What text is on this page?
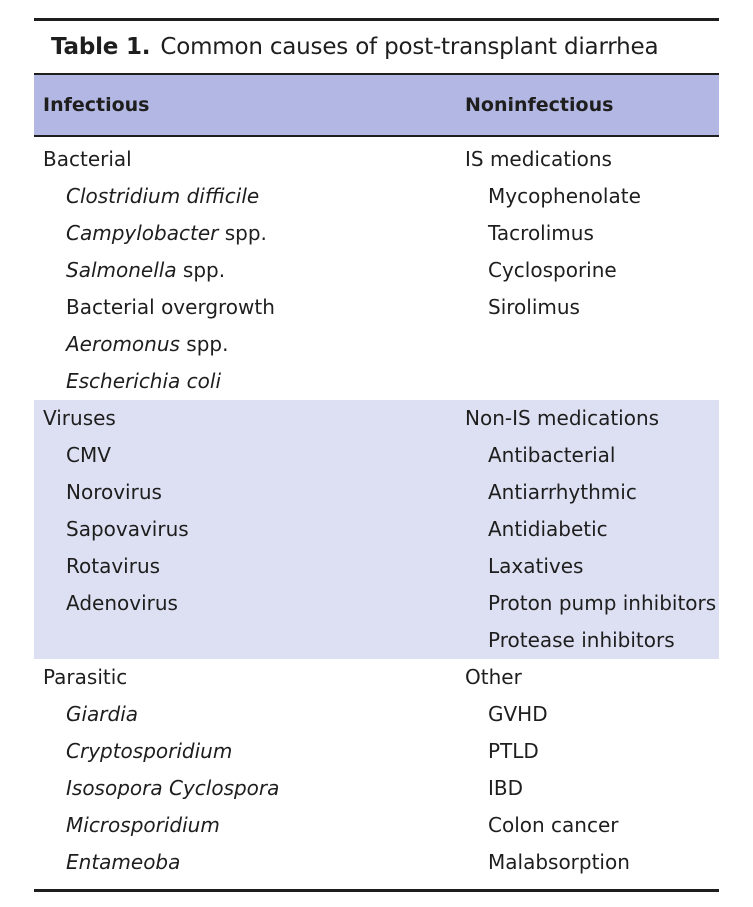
Table 1. Common causes of post-transplant diarrhea
Infectious	Noninfectious
Bacterial
Clostridium difficile
Campylobacter spp.
Salmonella spp.
Bacterial overgrowth
Aeromonus spp.
Escherichia coli
IS medications
Mycophenolate
Tacrolimus
Cyclosporine
Sirolimus
Viruses
CMV
Norovirus
Sapovavirus
Rotavirus
Adenovirus
Non-IS medications
Antibacterial
Antiarrhythmic
Antidiabetic
Laxatives
Proton pump inhibitors
Protease inhibitors
Parasitic
Giardia
Cryptosporidium
Isosopora Cyclospora
Microsporidium
Entameoba
Other
GVHD
PTLD
IBD
Colon cancer
Malabsorption
